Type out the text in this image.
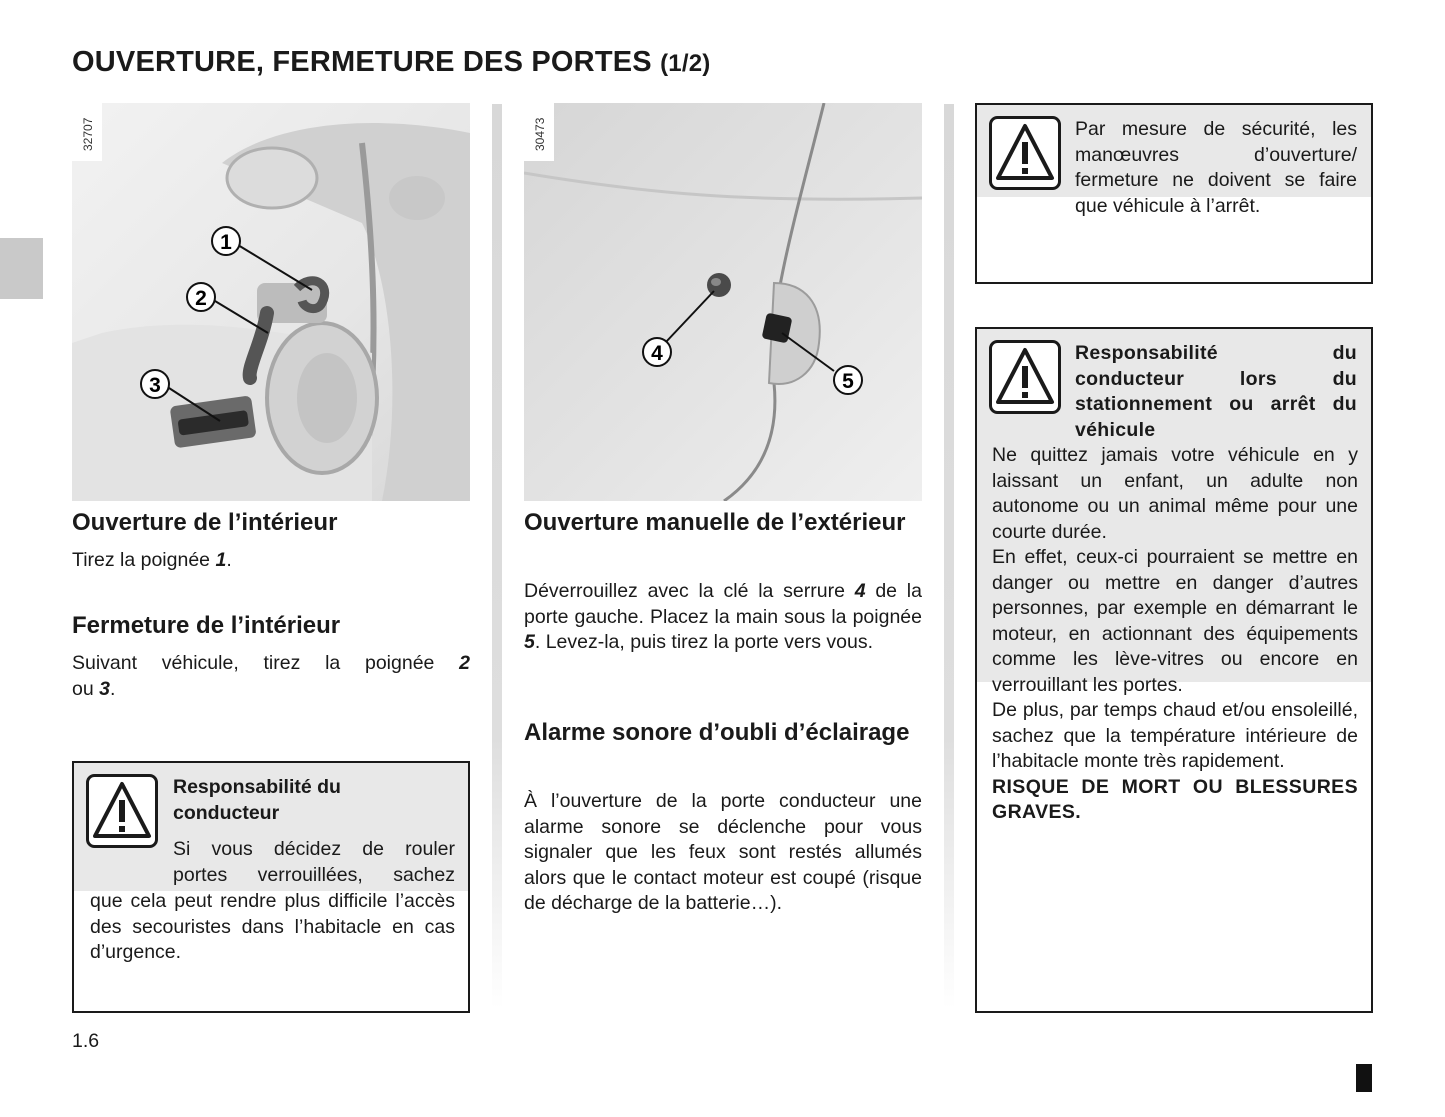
OUVERTURE, FERMETURE DES PORTES (1/2)
32707
1
2
3
30473
4
5
Ouverture de l’intérieur

Tirez la poignée 1.

Fermeture de l’intérieur

Suivant véhicule, tirez la poignée 2

ou 3.

Responsabilité du
conducteur
Si vous décidez de rouler
portes verrouillées, sachez
que cela peut rendre plus difficile l’accès des secouristes dans l’habitacle en cas d’urgence.
Ouverture manuelle de l’extérieur

Déverrouillez avec la clé la serrure 4 de la porte gauche. Placez la main sous la poignée 5. Levez-la, puis tirez la porte vers vous.

Alarme sonore d’oubli d’éclairage

À l’ouverture de la porte conducteur une alarme sonore se déclenche pour vous signaler que les feux sont restés allumés alors que le contact moteur est coupé (risque de décharge de la batterie…).

Par mesure de sécurité, les manœuvres d’ouverture/ fermeture ne doivent se faire que véhicule à l’arrêt.
Responsabilité du conducteur lors du stationnement ou arrêt du véhicule
Ne quittez jamais votre véhicule en y laissant un enfant, un adulte non autonome ou un animal même pour une courte durée.
En effet, ceux-ci pourraient se mettre en danger ou mettre en danger d’autres personnes, par exemple en démarrant le moteur, en actionnant des équipements comme les lève-vitres ou encore en verrouillant les portes.
De plus, par temps chaud et/ou ensoleillé, sachez que la température intérieure de l’habitacle monte très rapidement.
RISQUE DE MORT OU BLESSURES GRAVES.
1.6
